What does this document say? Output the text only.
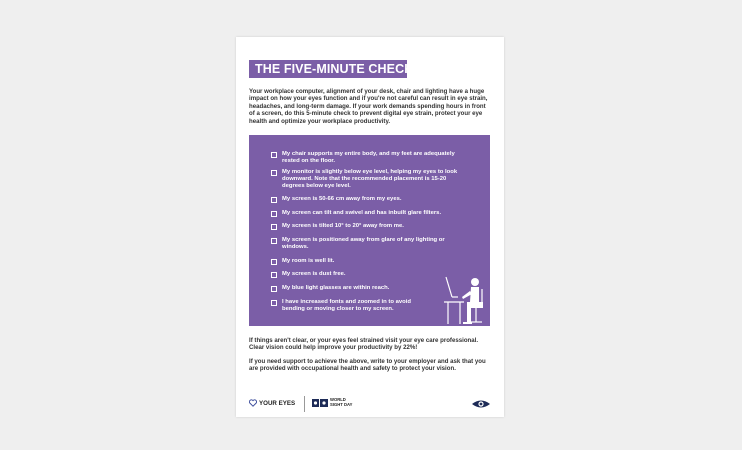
THE FIVE-MINUTE CHECK
Your workplace computer, alignment of your desk, chair and lighting have a huge impact on how your eyes function and if you're not careful can result in eye strain, headaches, and long-term damage. If your work demands spending hours in front of a screen, do this 5-minute check to prevent digital eye strain, protect your eye health and optimize your workplace productivity.
My chair supports my entire body, and my feet are adequately rested on the floor.
My monitor is slightly below eye level, helping my eyes to look downward. Note that the recommended placement is 15-20 degrees below eye level.
My screen is 50-66 cm away from my eyes.
My screen can tilt and swivel and has inbuilt glare filters.
My screen is tilted 10° to 20° away from me.
My screen is positioned away from glare of any lighting or windows.
My room is well lit.
My screen is dust free.
My blue light glasses are within reach.
I have increased fonts and zoomed in to avoid bending or moving closer to my screen.
If things aren't clear, or your eyes feel strained visit your eye care professional. Clear vision could help improve your productivity by 22%!
If you need support to achieve the above, write to your employer and ask that you are provided with occupational health and safety to protect your vision.
YOUR EYES	WORLD
SIGHT DAY
